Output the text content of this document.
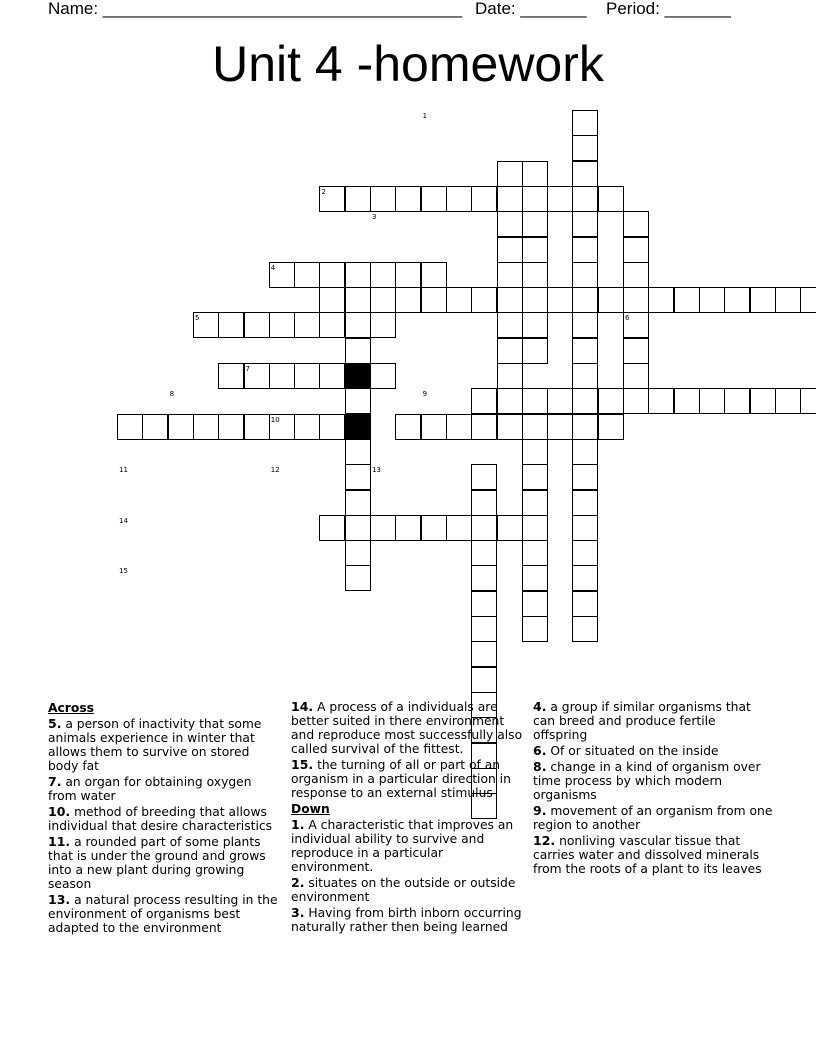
Name: ______________________________________ Date: _______ Period: _______
Unit 4 -homework
1
2
3
4
5	6
7
8	9
10
11	12	13
14
15
Across
5. a person of inactivity that some animals experience in winter that allows them to survive on stored body fat
7. an organ for obtaining oxygen from water
10. method of breeding that allows individual that desire characteristics
11. a rounded part of some plants that is under the ground and grows into a new plant during growing season
13. a natural process resulting in the environment of organisms best adapted to the environment
14. A process of a individuals are better suited in there environment and reproduce most successfully also called survival of the fittest.
15. the turning of all or part of an organism in a particular direction in response to an external stimulus
Down
1. A characteristic that improves an individual ability to survive and reproduce in a particular environment.
2. situates on the outside or outside environment
3. Having from birth inborn occurring naturally rather then being learned
4. a group if similar organisms that can breed and produce fertile offspring
6. Of or situated on the inside
8. change in a kind of organism over time process by which modern organisms
9. movement of an organism from one region to another
12. nonliving vascular tissue that carries water and dissolved minerals from the roots of a plant to its leaves
